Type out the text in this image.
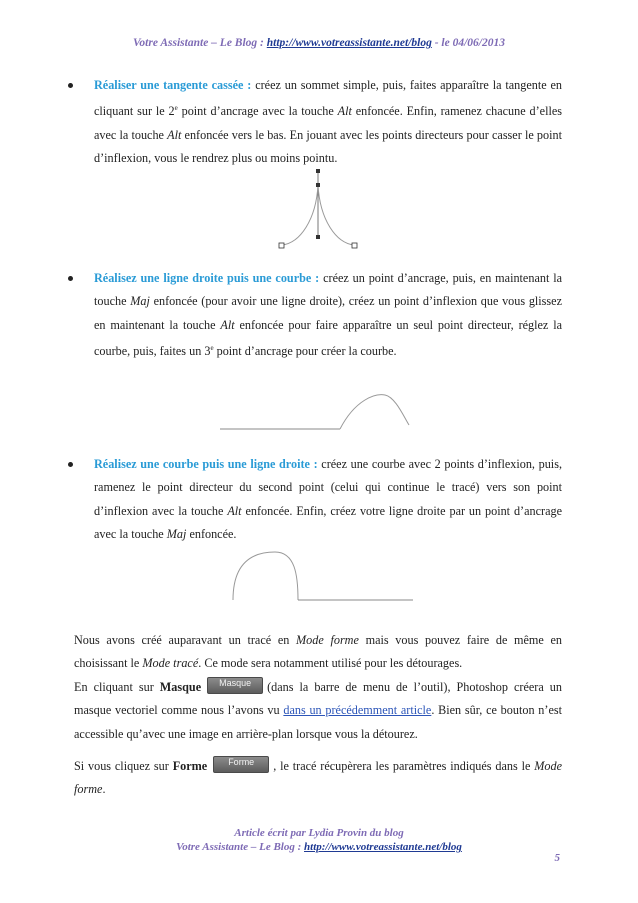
Votre Assistante – Le Blog : http://www.votreassistante.net/blog - le 04/06/2013
Réaliser une tangente cassée : créez un sommet simple, puis, faites apparaître la tangente en cliquant sur le 2e point d’ancrage avec la touche Alt enfoncée. Enfin, ramenez chacune d’elles avec la touche Alt enfoncée vers le bas. En jouant avec les points directeurs pour casser le point d’inflexion, vous le rendrez plus ou moins pointu.
Réalisez une ligne droite puis une courbe : créez un point d’ancrage, puis, en maintenant la touche Maj enfoncée (pour avoir une ligne droite), créez un point d’inflexion que vous glissez en maintenant la touche Alt enfoncée pour faire apparaître un seul point directeur, réglez la courbe, puis, faites un 3e point d’ancrage pour créer la courbe.
Réalisez une courbe puis une ligne droite : créez une courbe avec 2 points d’inflexion, puis, ramenez le point directeur du second point (celui qui continue le tracé) vers son point d’inflexion avec la touche Alt enfoncée. Enfin, créez votre ligne droite par un point d’ancrage avec la touche Maj enfoncée.
Nous avons créé auparavant un tracé en Mode forme mais vous pouvez faire de même en choisissant le Mode tracé. Ce mode sera notamment utilisé pour les détourages.
En cliquant sur Masque Masque (dans la barre de menu de l’outil), Photoshop créera un masque vectoriel comme nous l’avons vu dans un précédemment article. Bien sûr, ce bouton n’est accessible qu’avec une image en arrière-plan lorsque vous la détourez.
Si vous cliquez sur Forme Forme , le tracé récupèrera les paramètres indiqués dans le Mode forme.
Article écrit par Lydia Provin du blog
Votre Assistante – Le Blog : http://www.votreassistante.net/blog
5
